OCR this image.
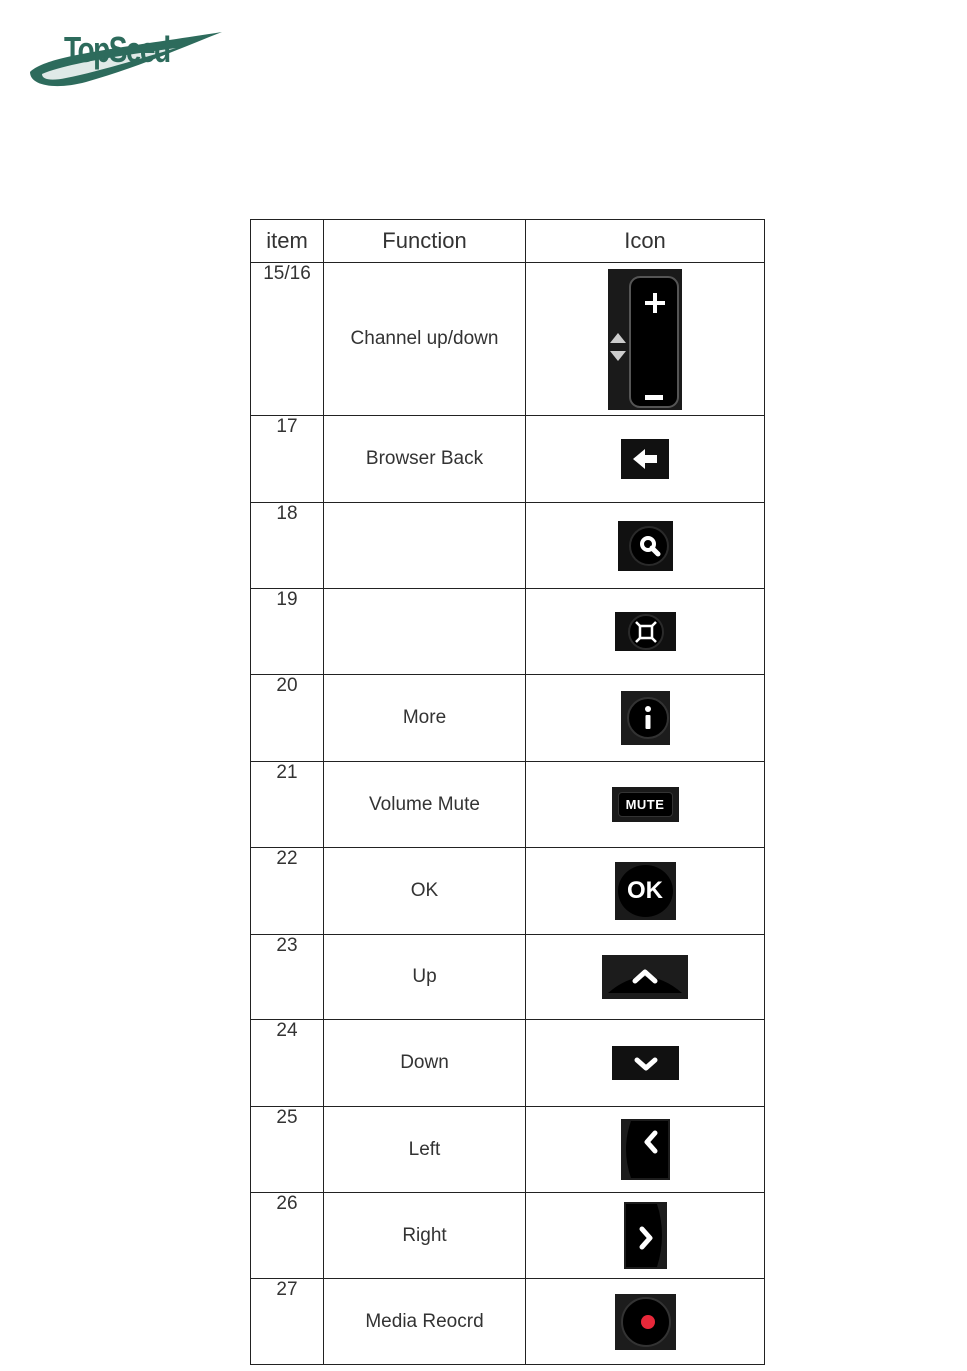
TopSeed
item	Function	Icon
15/16	Channel up/down	

17	Browser Back	

18		

19		

20	More	

21	Volume Mute	MUTE

22	OK	OK

23	Up	

24	Down	

25	Left	

26	Right	

27	Media Reocrd	
